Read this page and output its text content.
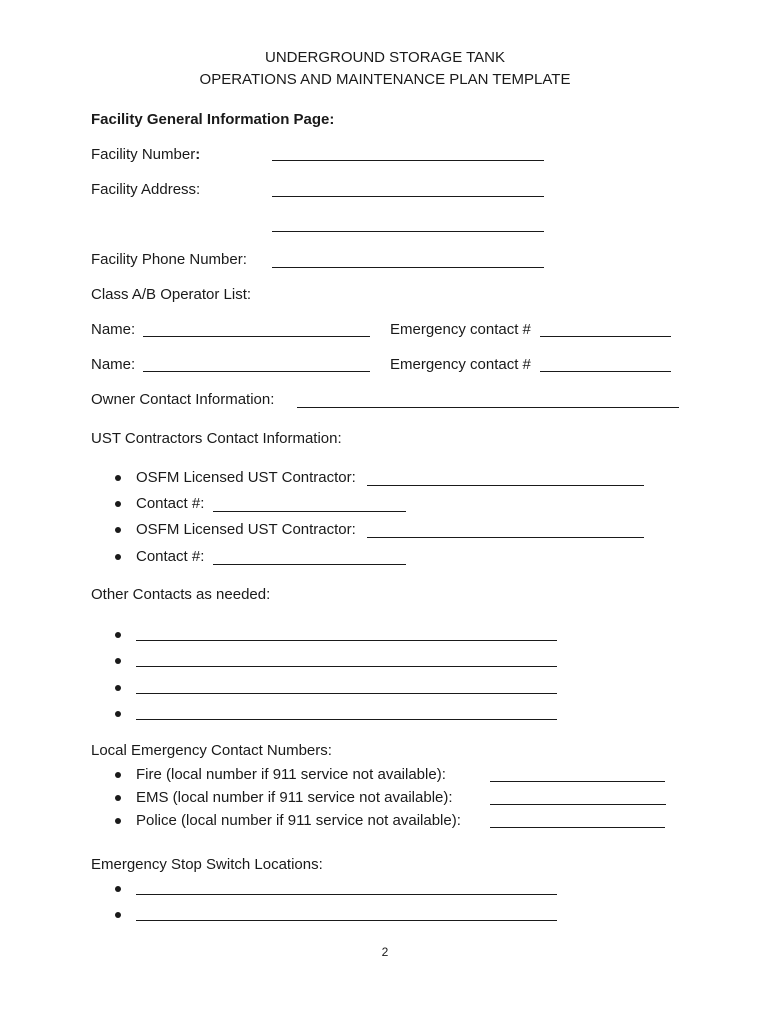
UNDERGROUND STORAGE TANK
OPERATIONS AND MAINTENANCE PLAN TEMPLATE
Facility General Information Page:
Facility Number:
Facility Address:
Facility Phone Number:
Class A/B Operator List:
Name:	Emergency contact #
Name:	Emergency contact #
Owner Contact Information:
UST Contractors Contact Information:
OSFM Licensed UST Contractor:
Contact #:
OSFM Licensed UST Contractor:
Contact #:
Other Contacts as needed:
Local Emergency Contact Numbers:
Fire (local number if 911 service not available):
EMS (local number if 911 service not available):
Police (local number if 911 service not available):
Emergency Stop Switch Locations:
2
